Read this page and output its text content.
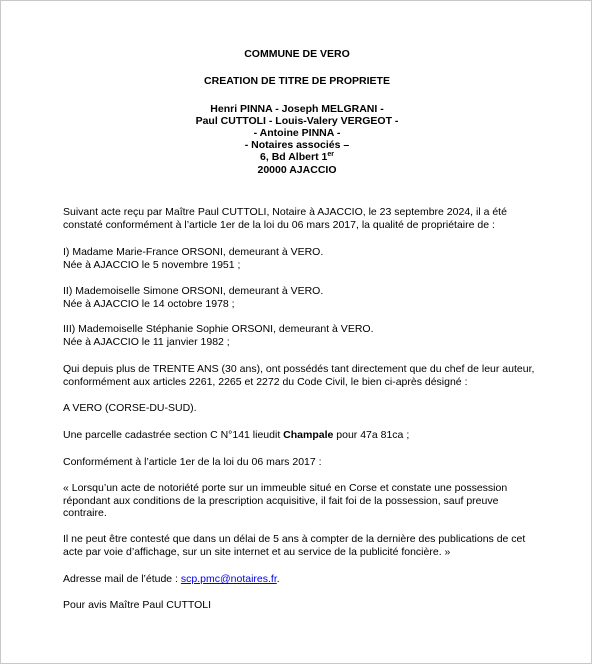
COMMUNE DE VERO
CREATION DE TITRE DE PROPRIETE
Henri PINNA - Joseph MELGRANI -
Paul CUTTOLI - Louis-Valery VERGEOT -
- Antoine PINNA -
- Notaires associés –
6, Bd Albert 1er
20000 AJACCIO

Suivant acte reçu par Maître Paul CUTTOLI, Notaire à AJACCIO, le 23 septembre 2024, il a été
constaté conformément à l’article 1er de la loi du 06 mars 2017, la qualité de propriétaire de :

I) Madame Marie-France ORSONI, demeurant à VERO.
Née à AJACCIO le 5 novembre 1951 ;

II) Mademoiselle Simone ORSONI, demeurant à VERO.
Née à AJACCIO le 14 octobre 1978 ;

III) Mademoiselle Stéphanie Sophie ORSONI, demeurant à VERO.
Née à AJACCIO le 11 janvier 1982 ;

Qui depuis plus de TRENTE ANS (30 ans), ont possédés tant directement que du chef de leur auteur,
conformément aux articles 2261, 2265 et 2272 du Code Civil, le bien ci-après désigné :

A VERO (CORSE-DU-SUD).

Une parcelle cadastrée section C N°141 lieudit Champale pour 47a 81ca ;

Conformément à l’article 1er de la loi du 06 mars 2017 :

« Lorsqu’un acte de notoriété porte sur un immeuble situé en Corse et constate une possession
répondant aux conditions de la prescription acquisitive, il fait foi de la possession, sauf preuve
contraire.

Il ne peut être contesté que dans un délai de 5 ans à compter de la dernière des publications de cet
acte par voie d’affichage, sur un site internet et au service de la publicité foncière. »

Adresse mail de l’étude : scp.pmc@notaires.fr.

Pour avis Maître Paul CUTTOLI
